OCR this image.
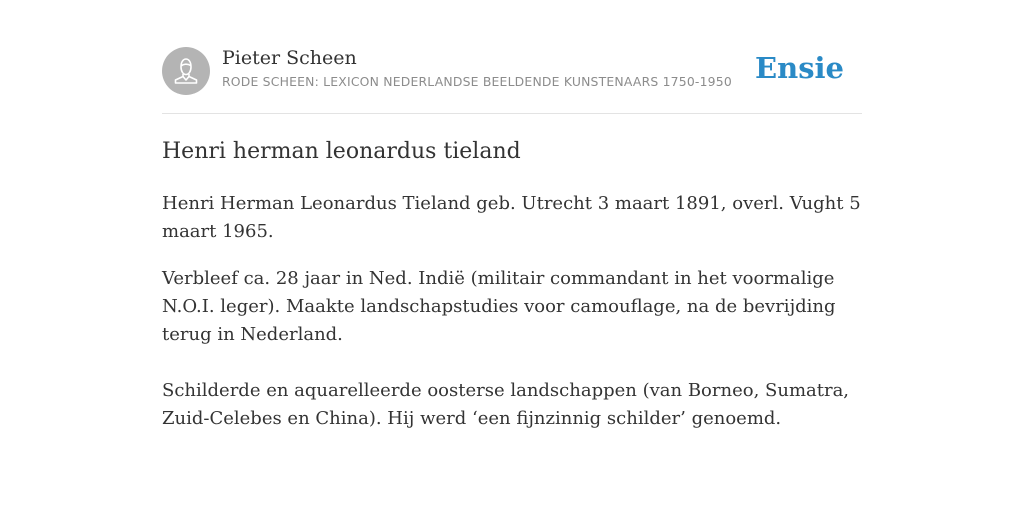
Pieter Scheen
RODE SCHEEN: LEXICON NEDERLANDSE BEELDENDE KUNSTENAARS 1750-1950 Ensie
Henri herman leonardus tieland

Henri Herman Leonardus Tieland geb. Utrecht 3 maart 1891, overl. Vught 5 maart 1965.

Verbleef ca. 28 jaar in Ned. Indië (militair commandant in het voormalige N.O.I. leger). Maakte landschapstudies voor camouflage, na de bevrijding terug in Nederland.

Schilderde en aquarelleerde oosterse landschappen (van Borneo, Sumatra, Zuid-Celebes en China). Hij werd ‘een fijnzinnig schilder’ genoemd.
